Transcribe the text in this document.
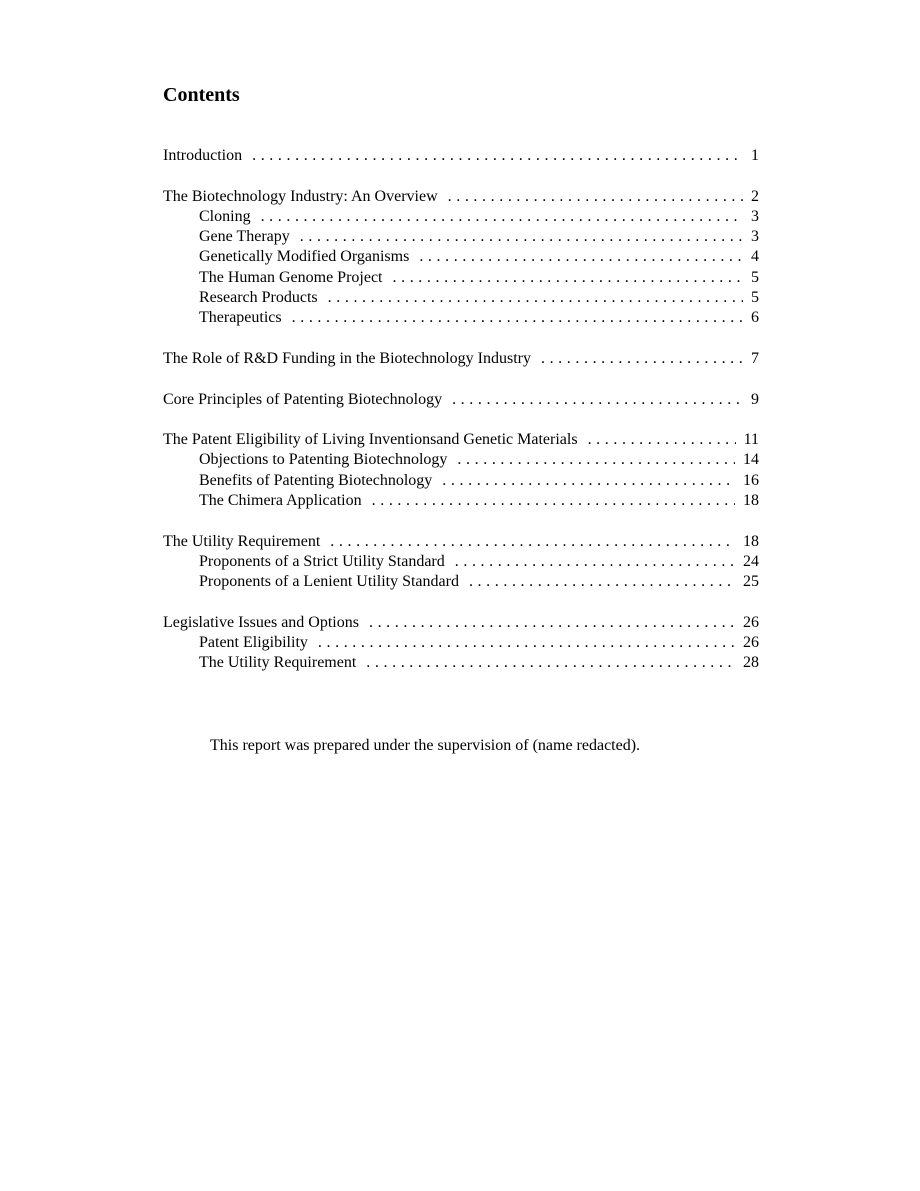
Contents
Introduction . . .	1
The Biotechnology Industry: An Overview . . .	2
Cloning . . .	3
Gene Therapy . . .	3
Genetically Modified Organisms . . .	4
The Human Genome Project . . .	5
Research Products . . .	5
Therapeutics . . .	6
The Role of R&D Funding in the Biotechnology Industry . . .	7
Core Principles of Patenting Biotechnology . . .	9
The Patent Eligibility of Living Inventionsand Genetic Materials . . .	11
Objections to Patenting Biotechnology . . .	14
Benefits of Patenting Biotechnology . . .	16
The Chimera Application . . .	18
The Utility Requirement . . .	18
Proponents of a Strict Utility Standard . . .	24
Proponents of a Lenient Utility Standard . . .	25
Legislative Issues and Options . . .	26
Patent Eligibility . . .	26
The Utility Requirement . . .	28

This report was prepared under the supervision of (name redacted).
